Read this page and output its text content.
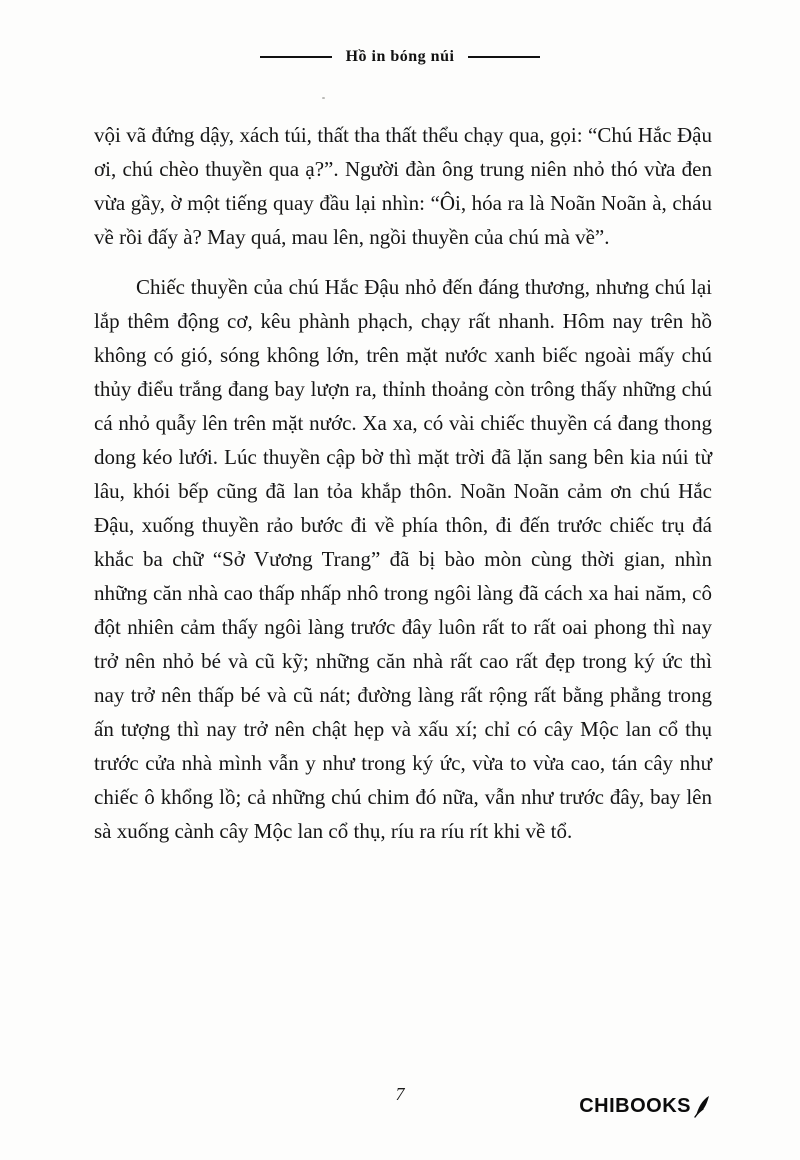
Hồ in bóng núi

vội vã đứng dậy, xách túi, thất tha thất thểu chạy qua, gọi: “Chú Hắc Đậu ơi, chú chèo thuyền qua ạ?”. Người đàn ông trung niên nhỏ thó vừa đen vừa gầy, ờ một tiếng quay đầu lại nhìn: “Ôi, hóa ra là Noãn Noãn à, cháu về rồi đấy à? May quá, mau lên, ngồi thuyền của chú mà về”.

Chiếc thuyền của chú Hắc Đậu nhỏ đến đáng thương, nhưng chú lại lắp thêm động cơ, kêu phành phạch, chạy rất nhanh. Hôm nay trên hồ không có gió, sóng không lớn, trên mặt nước xanh biếc ngoài mấy chú thủy điểu trắng đang bay lượn ra, thỉnh thoảng còn trông thấy những chú cá nhỏ quẫy lên trên mặt nước. Xa xa, có vài chiếc thuyền cá đang thong dong kéo lưới. Lúc thuyền cập bờ thì mặt trời đã lặn sang bên kia núi từ lâu, khói bếp cũng đã lan tỏa khắp thôn. Noãn Noãn cảm ơn chú Hắc Đậu, xuống thuyền rảo bước đi về phía thôn, đi đến trước chiếc trụ đá khắc ba chữ “Sở Vương Trang” đã bị bào mòn cùng thời gian, nhìn những căn nhà cao thấp nhấp nhô trong ngôi làng đã cách xa hai năm, cô đột nhiên cảm thấy ngôi làng trước đây luôn rất to rất oai phong thì nay trở nên nhỏ bé và cũ kỹ; những căn nhà rất cao rất đẹp trong ký ức thì nay trở nên thấp bé và cũ nát; đường làng rất rộng rất bằng phẳng trong ấn tượng thì nay trở nên chật hẹp và xấu xí; chỉ có cây Mộc lan cổ thụ trước cửa nhà mình vẫn y như trong ký ức, vừa to vừa cao, tán cây như chiếc ô khổng lồ; cả những chú chim đó nữa, vẫn như trước đây, bay lên sà xuống cành cây Mộc lan cổ thụ, ríu ra ríu rít khi về tổ.

7
CHIBOOKS
